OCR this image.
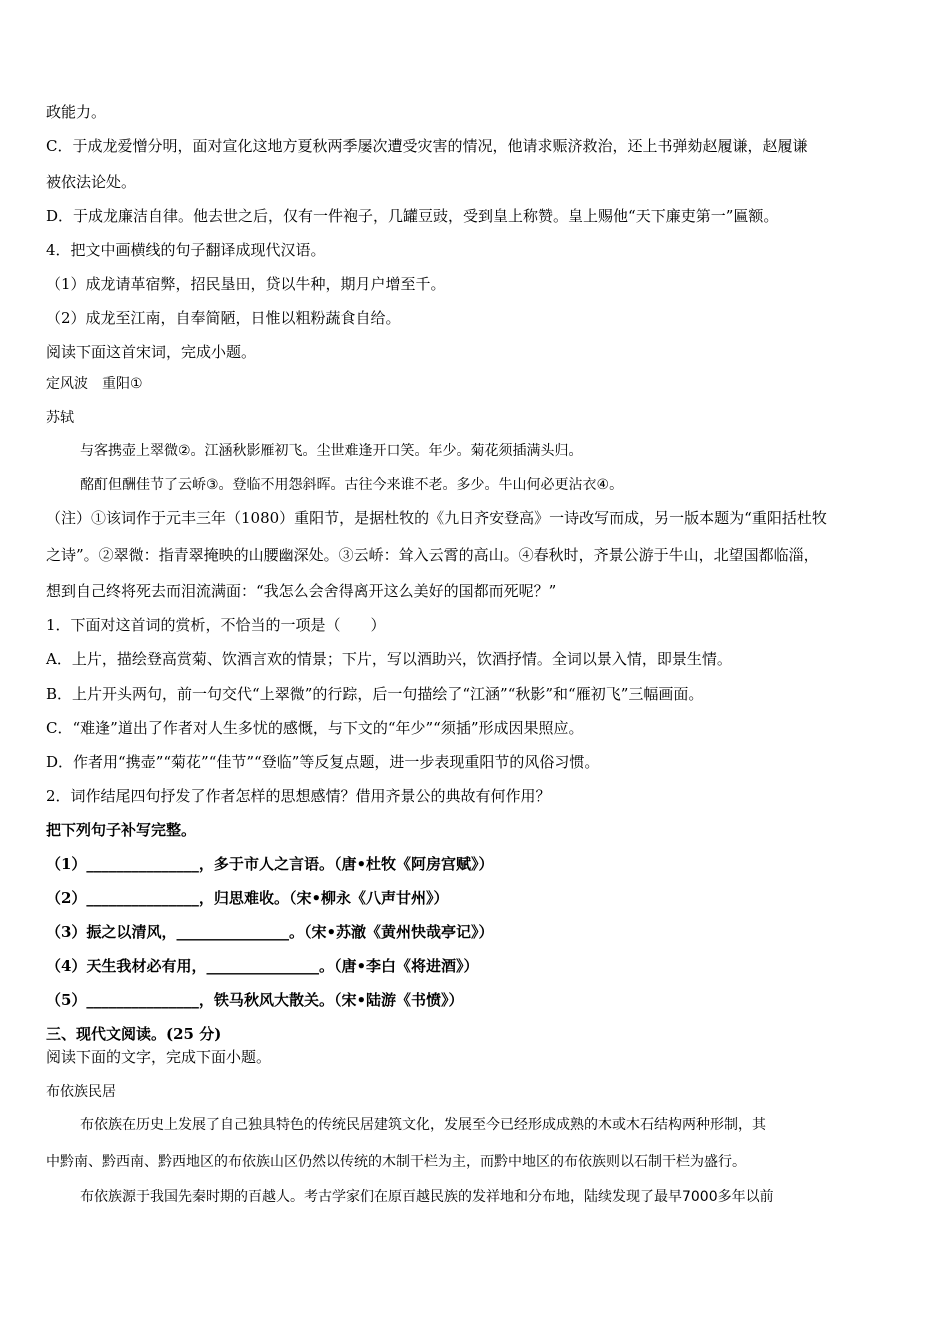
政能力。
C．于成龙爱憎分明，面对宣化这地方夏秋两季屡次遭受灾害的情况，他请求赈济救治，还上书弹劾赵履谦，赵履谦
被依法论处。
D．于成龙廉洁自律。他去世之后，仅有一件袍子，几罐豆豉，受到皇上称赞。皇上赐他“天下廉吏第一”匾额。
4．把文中画横线的句子翻译成现代汉语。
（1）成龙请革宿弊，招民垦田，贷以牛种，期月户增至千。
（2）成龙至江南，自奉简陋，日惟以粗粉蔬食自给。
阅读下面这首宋词，完成小题。
定风波　重阳①
苏轼
与客携壶上翠微②。江涵秋影雁初飞。尘世难逢开口笑。年少。菊花须插满头归。
酩酊但酬佳节了云峤③。登临不用怨斜晖。古往今来谁不老。多少。牛山何必更沾衣④。
（注）①该词作于元丰三年（1080）重阳节，是据杜牧的《九日齐安登高》一诗改写而成，另一版本题为“重阳括杜牧
之诗”。②翠微：指青翠掩映的山腰幽深处。③云峤：耸入云霄的高山。④春秋时，齐景公游于牛山，北望国都临淄，
想到自己终将死去而泪流满面：“我怎么会舍得离开这么美好的国都而死呢？”
1．下面对这首词的赏析，不恰当的一项是（　　）
A．上片，描绘登高赏菊、饮酒言欢的情景；下片，写以酒助兴，饮酒抒情。全词以景入情，即景生情。
B．上片开头两句，前一句交代“上翠微”的行踪，后一句描绘了“江涵”“秋影”和“雁初飞”三幅画面。
C．“难逢”道出了作者对人生多忧的感慨，与下文的“年少”“须插”形成因果照应。
D．作者用“携壶”“菊花”“佳节”“登临”等反复点题，进一步表现重阳节的风俗习惯。
2．词作结尾四句抒发了作者怎样的思想感情？借用齐景公的典故有何作用？
把下列句子补写完整。
（1）_______________，多于市人之言语。（唐•杜牧《阿房宫赋》）
（2）_______________，归思难收。（宋•柳永《八声甘州》）
（3）振之以清风，_______________。（宋•苏澈《黄州快哉亭记》）
（4）天生我材必有用，_______________。（唐•李白《将进酒》）
（5）_______________，铁马秋风大散关。（宋•陆游《书愤》）
三、现代文阅读。(25 分)
阅读下面的文字，完成下面小题。
布依族民居
布依族在历史上发展了自己独具特色的传统民居建筑文化，发展至今已经形成成熟的木或木石结构两种形制，其
中黔南、黔西南、黔西地区的布依族山区仍然以传统的木制干栏为主，而黔中地区的布依族则以石制干栏为盛行。
布依族源于我国先秦时期的百越人。考古学家们在原百越民族的发祥地和分布地，陆续发现了最早7000多年以前
